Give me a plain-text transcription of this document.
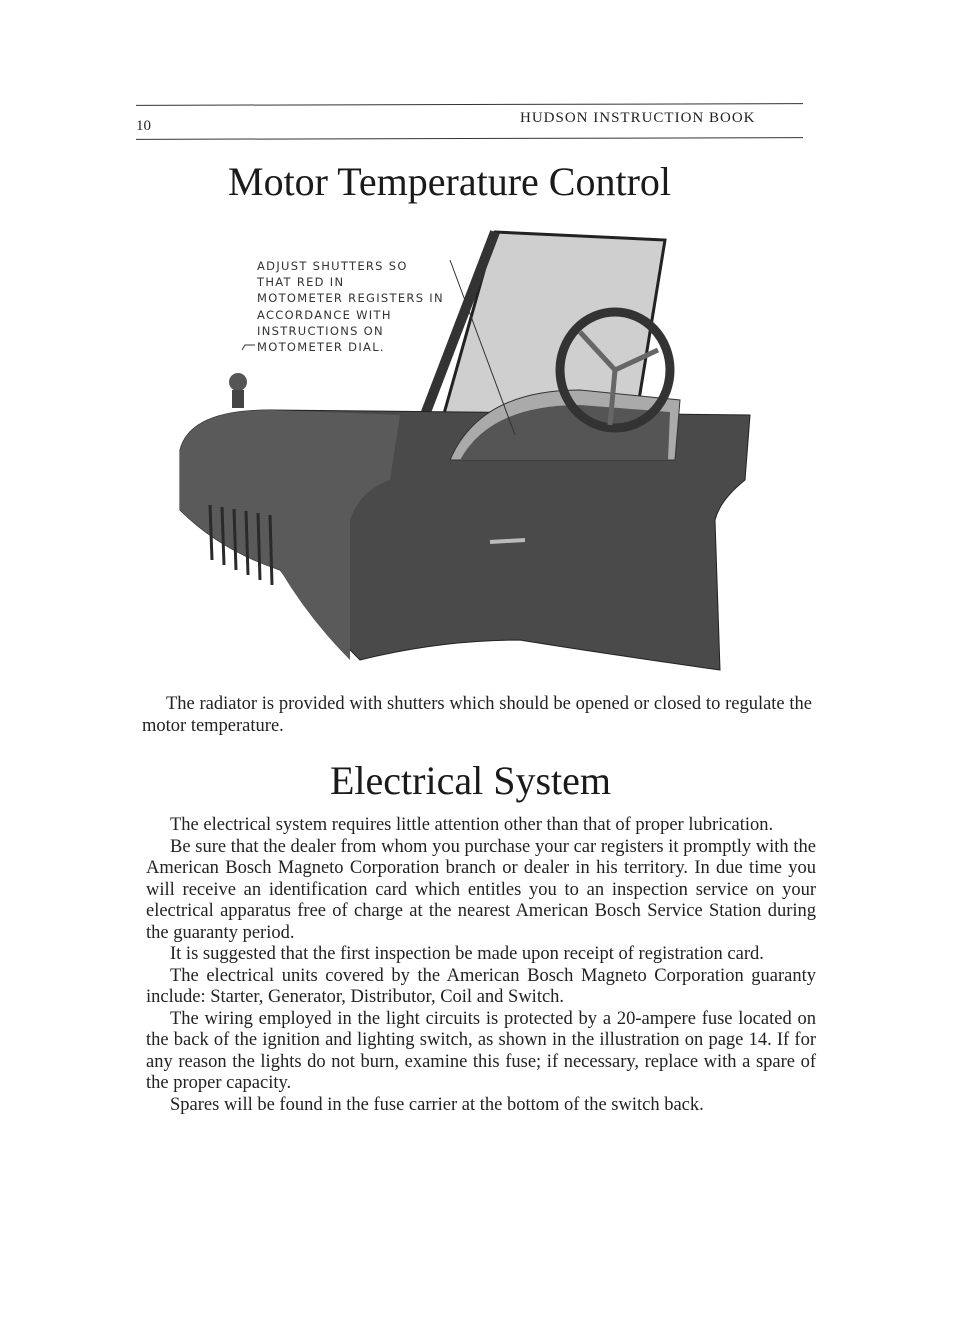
10	HUDSON INSTRUCTION BOOK
Motor Temperature Control
ADJUST SHUTTERS SO
THAT RED IN
MOTOMETER REGISTERS IN
ACCORDANCE WITH
INSTRUCTIONS ON
MOTOMETER DIAL.
The radiator is provided with shutters which should be opened or closed to regulate the motor temperature.
Electrical System
The electrical system requires little attention other than that of proper lubrication.
Be sure that the dealer from whom you purchase your car registers it promptly with the American Bosch Magneto Corporation branch or dealer in his territory. In due time you will receive an identification card which entitles you to an inspection service on your electrical apparatus free of charge at the nearest American Bosch Service Station during the guaranty period.
It is suggested that the first inspection be made upon receipt of registration card.
The electrical units covered by the American Bosch Magneto Corporation guaranty include: Starter, Generator, Distributor, Coil and Switch.
The wiring employed in the light circuits is protected by a 20-ampere fuse located on the back of the ignition and lighting switch, as shown in the illustration on page 14. If for any reason the lights do not burn, examine this fuse; if necessary, replace with a spare of the proper capacity.
Spares will be found in the fuse carrier at the bottom of the switch back.
